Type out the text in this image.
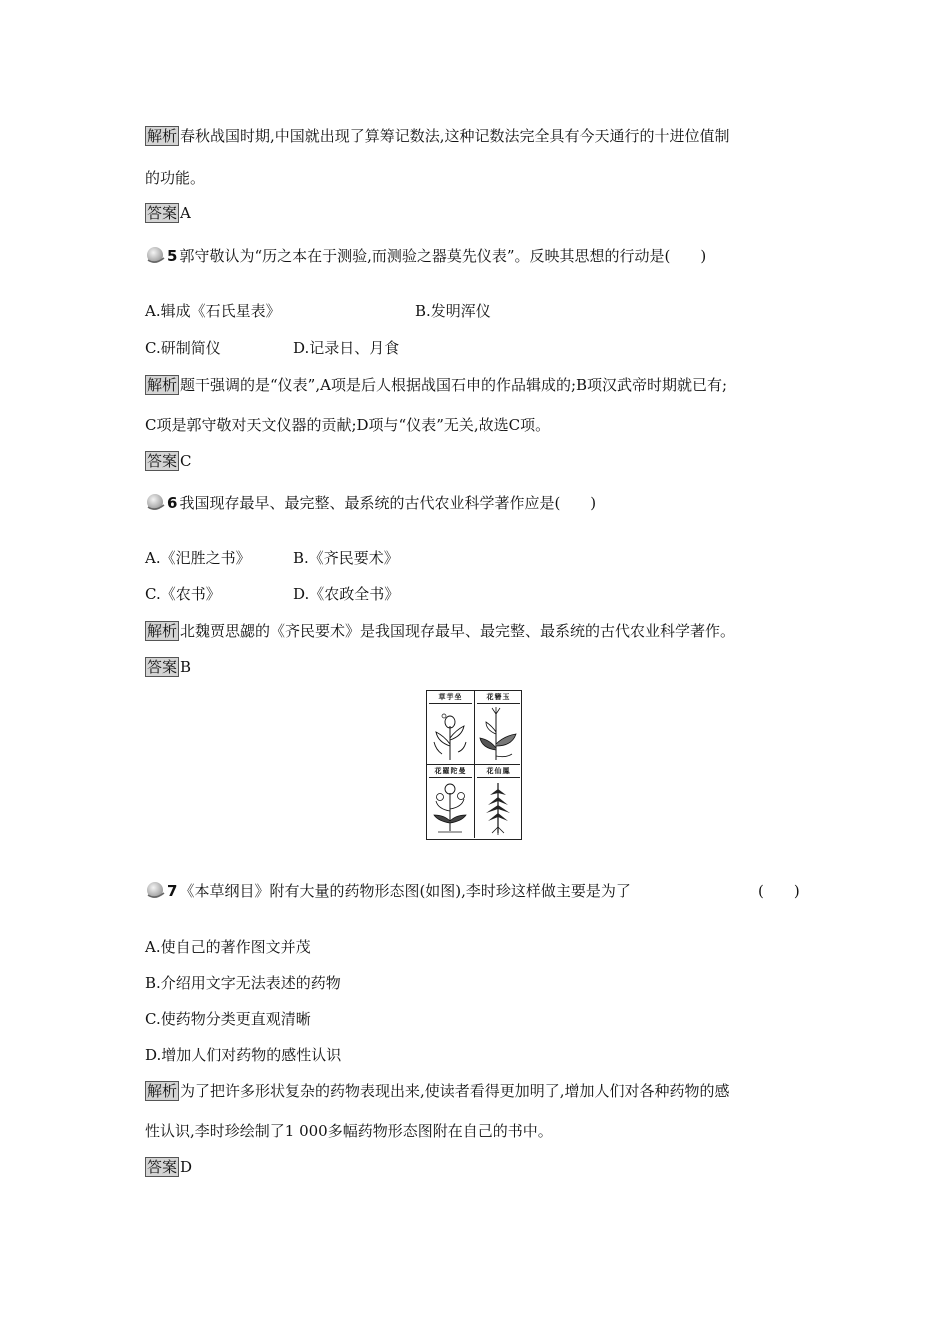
解析 春秋战国时期,中国就出现了算筹记数法,这种记数法完全具有今天通行的十进位值制
的功能。
答案 A
5 郭守敬认为“历之本在于测验,而测验之器莫先仪表”。反映其思想的行动是(　　)
A.辑成《石氏星表》	B.发明浑仪
C.研制简仪	D.记录日、月食
解析 题干强调的是“仪表”,A项是后人根据战国石申的作品辑成的;B项汉武帝时期就已有;
C项是郭守敬对天文仪器的贡献;D项与“仪表”无关,故选C项。
答案 C
6 我国现存最早、最完整、最系统的古代农业科学著作应是(　　)
A.《汜胜之书》	B.《齐民要术》
C.《农书》	D.《农政全书》
解析 北魏贾思勰的《齐民要术》是我国现存最早、最完整、最系统的古代农业科学著作。
答案 B
草芋坐	花簪玉
花羅陀曼	花仙鳳
7 《本草纲目》附有大量的药物形态图(如图),李时珍这样做主要是为了	(　　)
A.使自己的著作图文并茂
B.介绍用文字无法表述的药物
C.使药物分类更直观清晰
D.增加人们对药物的感性认识
解析 为了把许多形状复杂的药物表现出来,使读者看得更加明了,增加人们对各种药物的感
性认识,李时珍绘制了1 000多幅药物形态图附在自己的书中。
答案 D
